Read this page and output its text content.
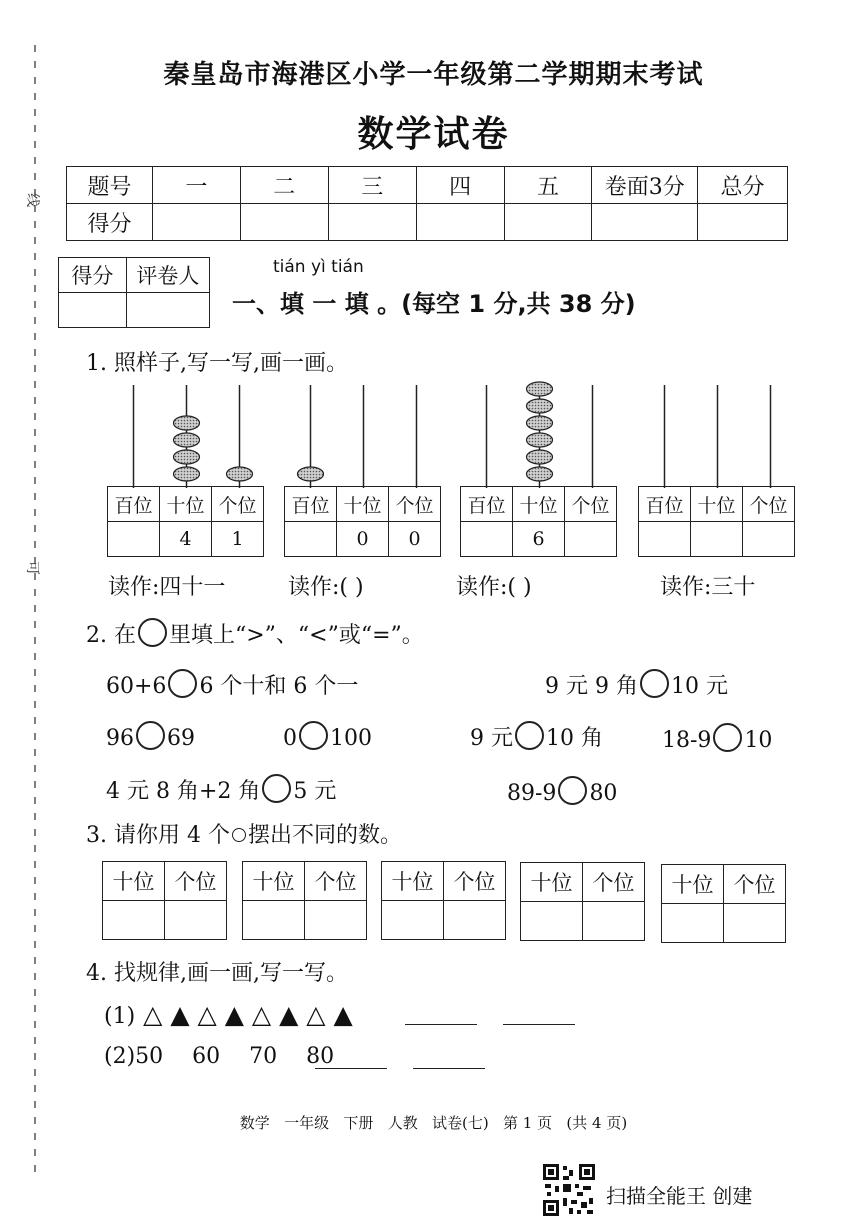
线
可
秦皇岛市海港区小学一年级第二学期期末考试
数学试卷
题号	一	二	三	四	五	卷面3分	总分
得分							
得分	评卷人
		tián yì tián
一、填 一 填 。(每空 1 分,共 38 分)
1. 照样子,写一写,画一画。
百位	十位	个位
	4	1
百位	十位	个位
	0	0
百位	十位	个位
	6	
百位	十位	个位

读作:四十一	读作:( )	读作:( )	读作:三十
2. 在 里填上“>”、“<”或“=”。
60+6 6 个十和 6 个一	9 元 9 角 10 元
96 69	0 100	9 元 10 角	18-9 10
4 元 8 角+2 角 5 元	89-9 80
3. 请你用 4 个 摆出不同的数。
十位	个位
	十位	个位
	十位	个位
	十位	个位
	十位	个位

4. 找规律,画一画,写一写。
(1) △ ▲ △ ▲ △ ▲ △ ▲
(2)50 60 70 80
数学   一年级   下册   人教   试卷(七)   第 1 页   (共 4 页)
扫描全能王 创建
